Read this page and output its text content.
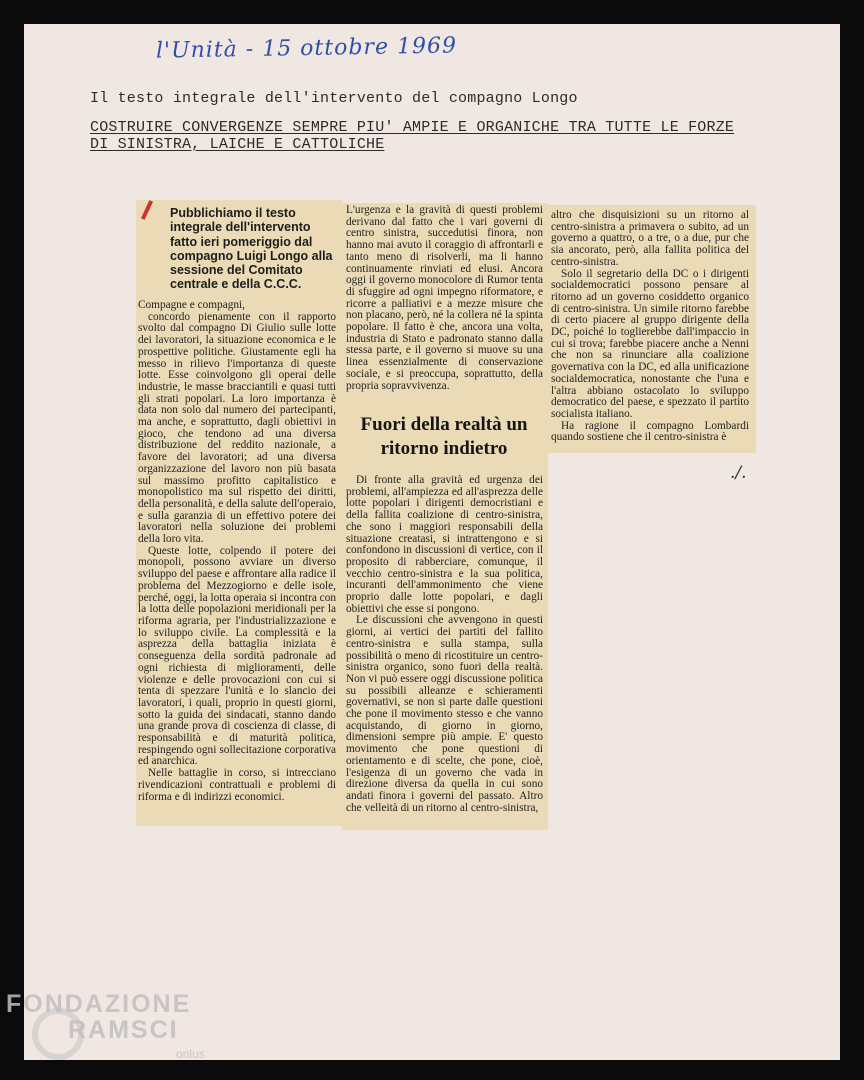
l'Unità - 15 ottobre 1969
Il testo integrale dell'intervento del compagno Longo
COSTRUIRE CONVERGENZE SEMPRE PIU' AMPIE E ORGANICHE TRA TUTTE LE FORZE
DI SINISTRA, LAICHE E CATTOLICHE
Pubblichiamo il testo integrale dell'intervento fatto ieri pomeriggio dal compagno Luigi Longo alla sessione del Comitato centrale e della C.C.C.

Compagne e compagni,

concordo pienamente con il rapporto svolto dal compagno Di Giulio sulle lotte dei lavoratori, la situazione economica e le prospettive politiche. Giustamente egli ha messo in rilievo l'importanza di queste lotte. Esse coinvolgono gli operai delle industrie, le masse bracciantili e quasi tutti gli strati popolari. La loro importanza è data non solo dal numero dei partecipanti, ma anche, e soprattutto, dagli obiettivi in gioco, che tendono ad una diversa distribuzione del reddito nazionale, a favore dei lavoratori; ad una diversa organizzazione del lavoro non più basata sul massimo profitto capitalistico e monopolistico ma sul rispetto dei diritti, della personalità, e della salute dell'operaio, e sulla garanzia di un effettivo potere dei lavoratori nella soluzione dei problemi della loro vita.

Queste lotte, colpendo il potere dei monopoli, possono avviare un diverso sviluppo del paese e affrontare alla radice il problema del Mezzogiorno e delle isole, perché, oggi, la lotta operaia si incontra con la lotta delle popolazioni meridionali per la riforma agraria, per l'industrializzazione e lo sviluppo civile. La complessità e la asprezza della battaglia iniziata è conseguenza della sordità padronale ad ogni richiesta di miglioramenti, delle violenze e delle provocazioni con cui si tenta di spezzare l'unità e lo slancio dei lavoratori, i quali, proprio in questi giorni, sotto la guida dei sindacati, stanno dando una grande prova di coscienza di classe, di responsabilità e di maturità politica, respingendo ogni sollecitazione corporativa ed anarchica.

Nelle battaglie in corso, si intrecciano rivendicazioni contrattuali e problemi di riforma e di indirizzi economici.

L'urgenza e la gravità di questi problemi derivano dal fatto che i vari governi di centro sinistra, succedutisi finora, non hanno mai avuto il coraggio di affrontarli e tanto meno di risolverli, ma li hanno continuamente rinviati ed elusi. Ancora oggi il governo monocolore di Rumor tenta di sfuggire ad ogni impegno riformatore, e ricorre a palliativi e a mezze misure che non placano, però, né la collera né la spinta popolare. Il fatto è che, ancora una volta, industria di Stato e padronato stanno dalla stessa parte, e il governo si muove su una linea essenzialmente di conservazione sociale, e si preoccupa, soprattutto, della propria sopravvivenza.

Fuori della realtà un ritorno indietro

Di fronte alla gravità ed urgenza dei problemi, all'ampiezza ed all'asprezza delle lotte popolari i dirigenti democristiani e della fallita coalizione di centro-sinistra, che sono i maggiori responsabili della situazione creatasi, si intrattengono e si confondono in discussioni di vertice, con il proposito di rabberciare, comunque, il vecchio centro-sinistra e la sua politica, incuranti dell'ammonimento che viene proprio dalle lotte popolari, e dagli obiettivi che esse si pongono.

Le discussioni che avvengono in questi giorni, ai vertici dei partiti del fallito centro-sinistra e sulla stampa, sulla possibilità o meno di ricostituire un centro-sinistra organico, sono fuori della realtà. Non vi può essere oggi discussione politica su possibili alleanze e schieramenti governativi, se non si parte dalle questioni che pone il movimento stesso e che vanno acquistando, di giorno in giorno, dimensioni sempre più ampie. E' questo movimento che pone questioni di orientamento e di scelte, che pone, cioè, l'esigenza di un governo che vada in direzione diversa da quella in cui sono andati finora i governi del passato. Altro che velleità di un ritorno al centro-sinistra,

altro che disquisizioni su un ritorno al centro-sinistra a primavera o subito, ad un governo a quattro, o a tre, o a due, pur che sia ancorato, però, alla fallita politica del centro-sinistra.

Solo il segretario della DC o i dirigenti socialdemocratici possono pensare al ritorno ad un governo cosiddetto organico di centro-sinistra. Un simile ritorno farebbe di certo piacere al gruppo dirigente della DC, poiché lo toglierebbe dall'impaccio in cui si trova; farebbe piacere anche a Nenni che non sa rinunciare alla coalizione governativa con la DC, ed alla unificazione socialdemocratica, nonostante che l'una e l'altra abbiano ostacolato lo sviluppo democratico del paese, e spezzato il partito socialista italiano.

Ha ragione il compagno Lombardi quando sostiene che il centro-sinistra è

./.
FONDAZIONE
RAMSCI
onlus
